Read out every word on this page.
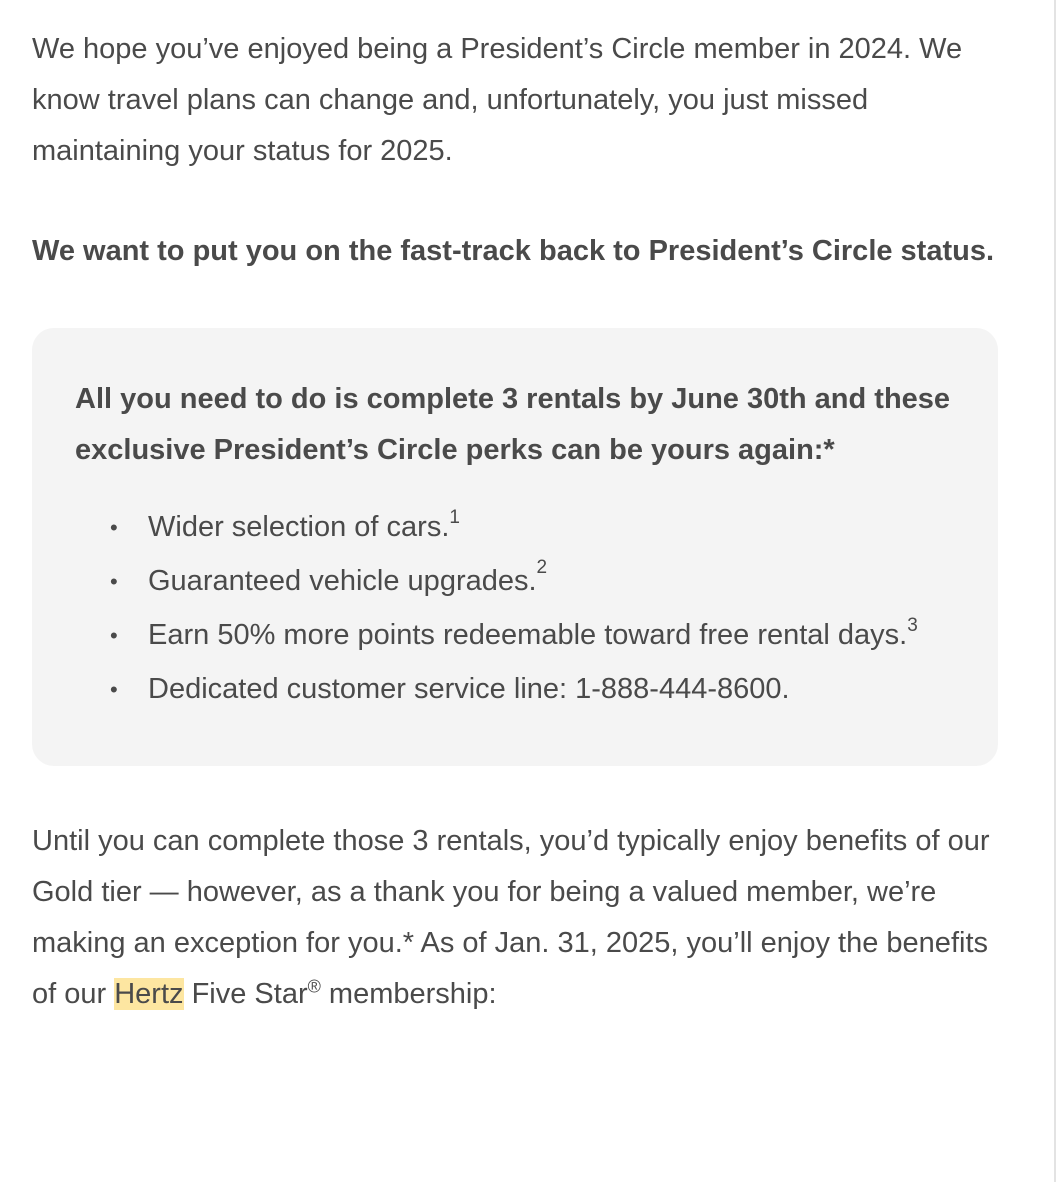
We hope you’ve enjoyed being a President’s Circle member in 2024. We know travel plans can change and, unfortunately, you just missed maintaining your status for 2025.

We want to put you on the fast-track back to President’s Circle status.

All you need to do is complete 3 rentals by June 30th and these exclusive President’s Circle perks can be yours again:*

• Wider selection of cars.$^1$
• Guaranteed vehicle upgrades.$^2$
• Earn 50% more points redeemable toward free rental days.$^3$
• Dedicated customer service line: 1-888-444-8600.

Until you can complete those 3 rentals, you’d typically enjoy benefits of our Gold tier — however, as a thank you for being a valued member, we’re making an exception for you.* As of Jan. 31, 2025, you’ll enjoy the benefits of our Hertz Five Star® membership:
